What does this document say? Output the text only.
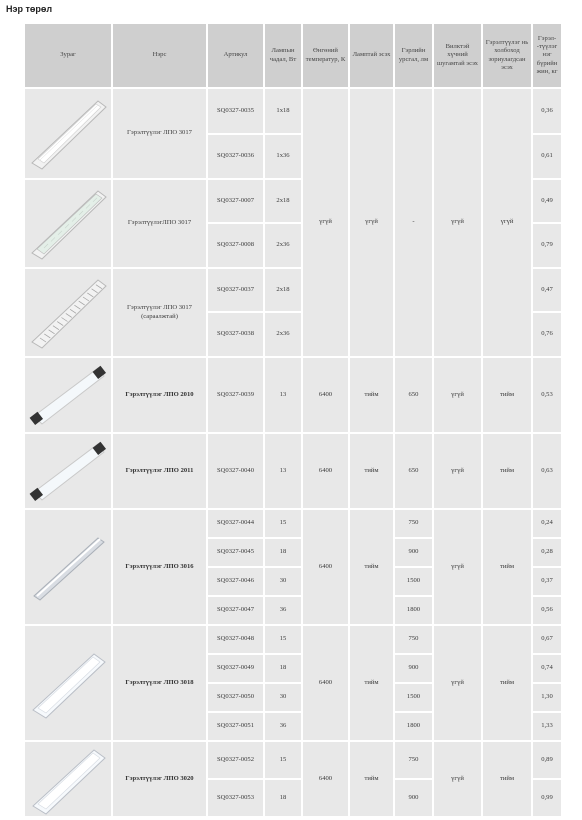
Нэр төрөл
Зураг	Нэрс	Артикул	Лампын чадал, Вт	Өнгөний температур, К	Ламптай эсэх	Гэрлийн урсгал, лм	Вилктэй хүчний шугамтай эсэх	Гэрэлтүүлэг нь холбоход зориулагдсан эсэх	Гэрэл- -түүлэг нэг бүрийн жин, кг

	Гэрэлтүүлэг ЛПО 3017	SQ0327-0035	1x18	үгүй	үгүй	-	үгүй	үгүй	0,36
		SQ0327-0036	1x36						0,61

	ГэрэлтүүлэгЛПО 3017	SQ0327-0007	2x18						0,49
		SQ0327-0008	2x36						0,79

	Гэрэлтүүлэг ЛПО 3017 (сараалжтай)	SQ0327-0037	2x18						0,47
		SQ0327-0038	2x36						0,76

	Гэрэлтүүлэг ЛПО 2010	SQ0327-0039	13	6400	тийм	650	үгүй	тийм	0,53

	Гэрэлтүүлэг ЛПО 2011	SQ0327-0040	13	6400	тийм	650	үгүй	тийм	0,63

	Гэрэлтүүлэг ЛПО 3016	SQ0327-0044	15	6400	тийм	750	үгүй	тийм	0,24
		SQ0327-0045	18			900			0,28
		SQ0327-0046	30			1500			0,37
		SQ0327-0047	36			1800			0,56

	Гэрэлтүүлэг ЛПО 3018	SQ0327-0048	15	6400	тийм	750	үгүй	тийм	0,67
		SQ0327-0049	18			900			0,74
		SQ0327-0050	30			1500			1,30
		SQ0327-0051	36			1800			1,33

	Гэрэлтүүлэг ЛПО 3020	SQ0327-0052	15	6400	тийм	750	үгүй	тийм	0,89
		SQ0327-0053	18			900			0,99
